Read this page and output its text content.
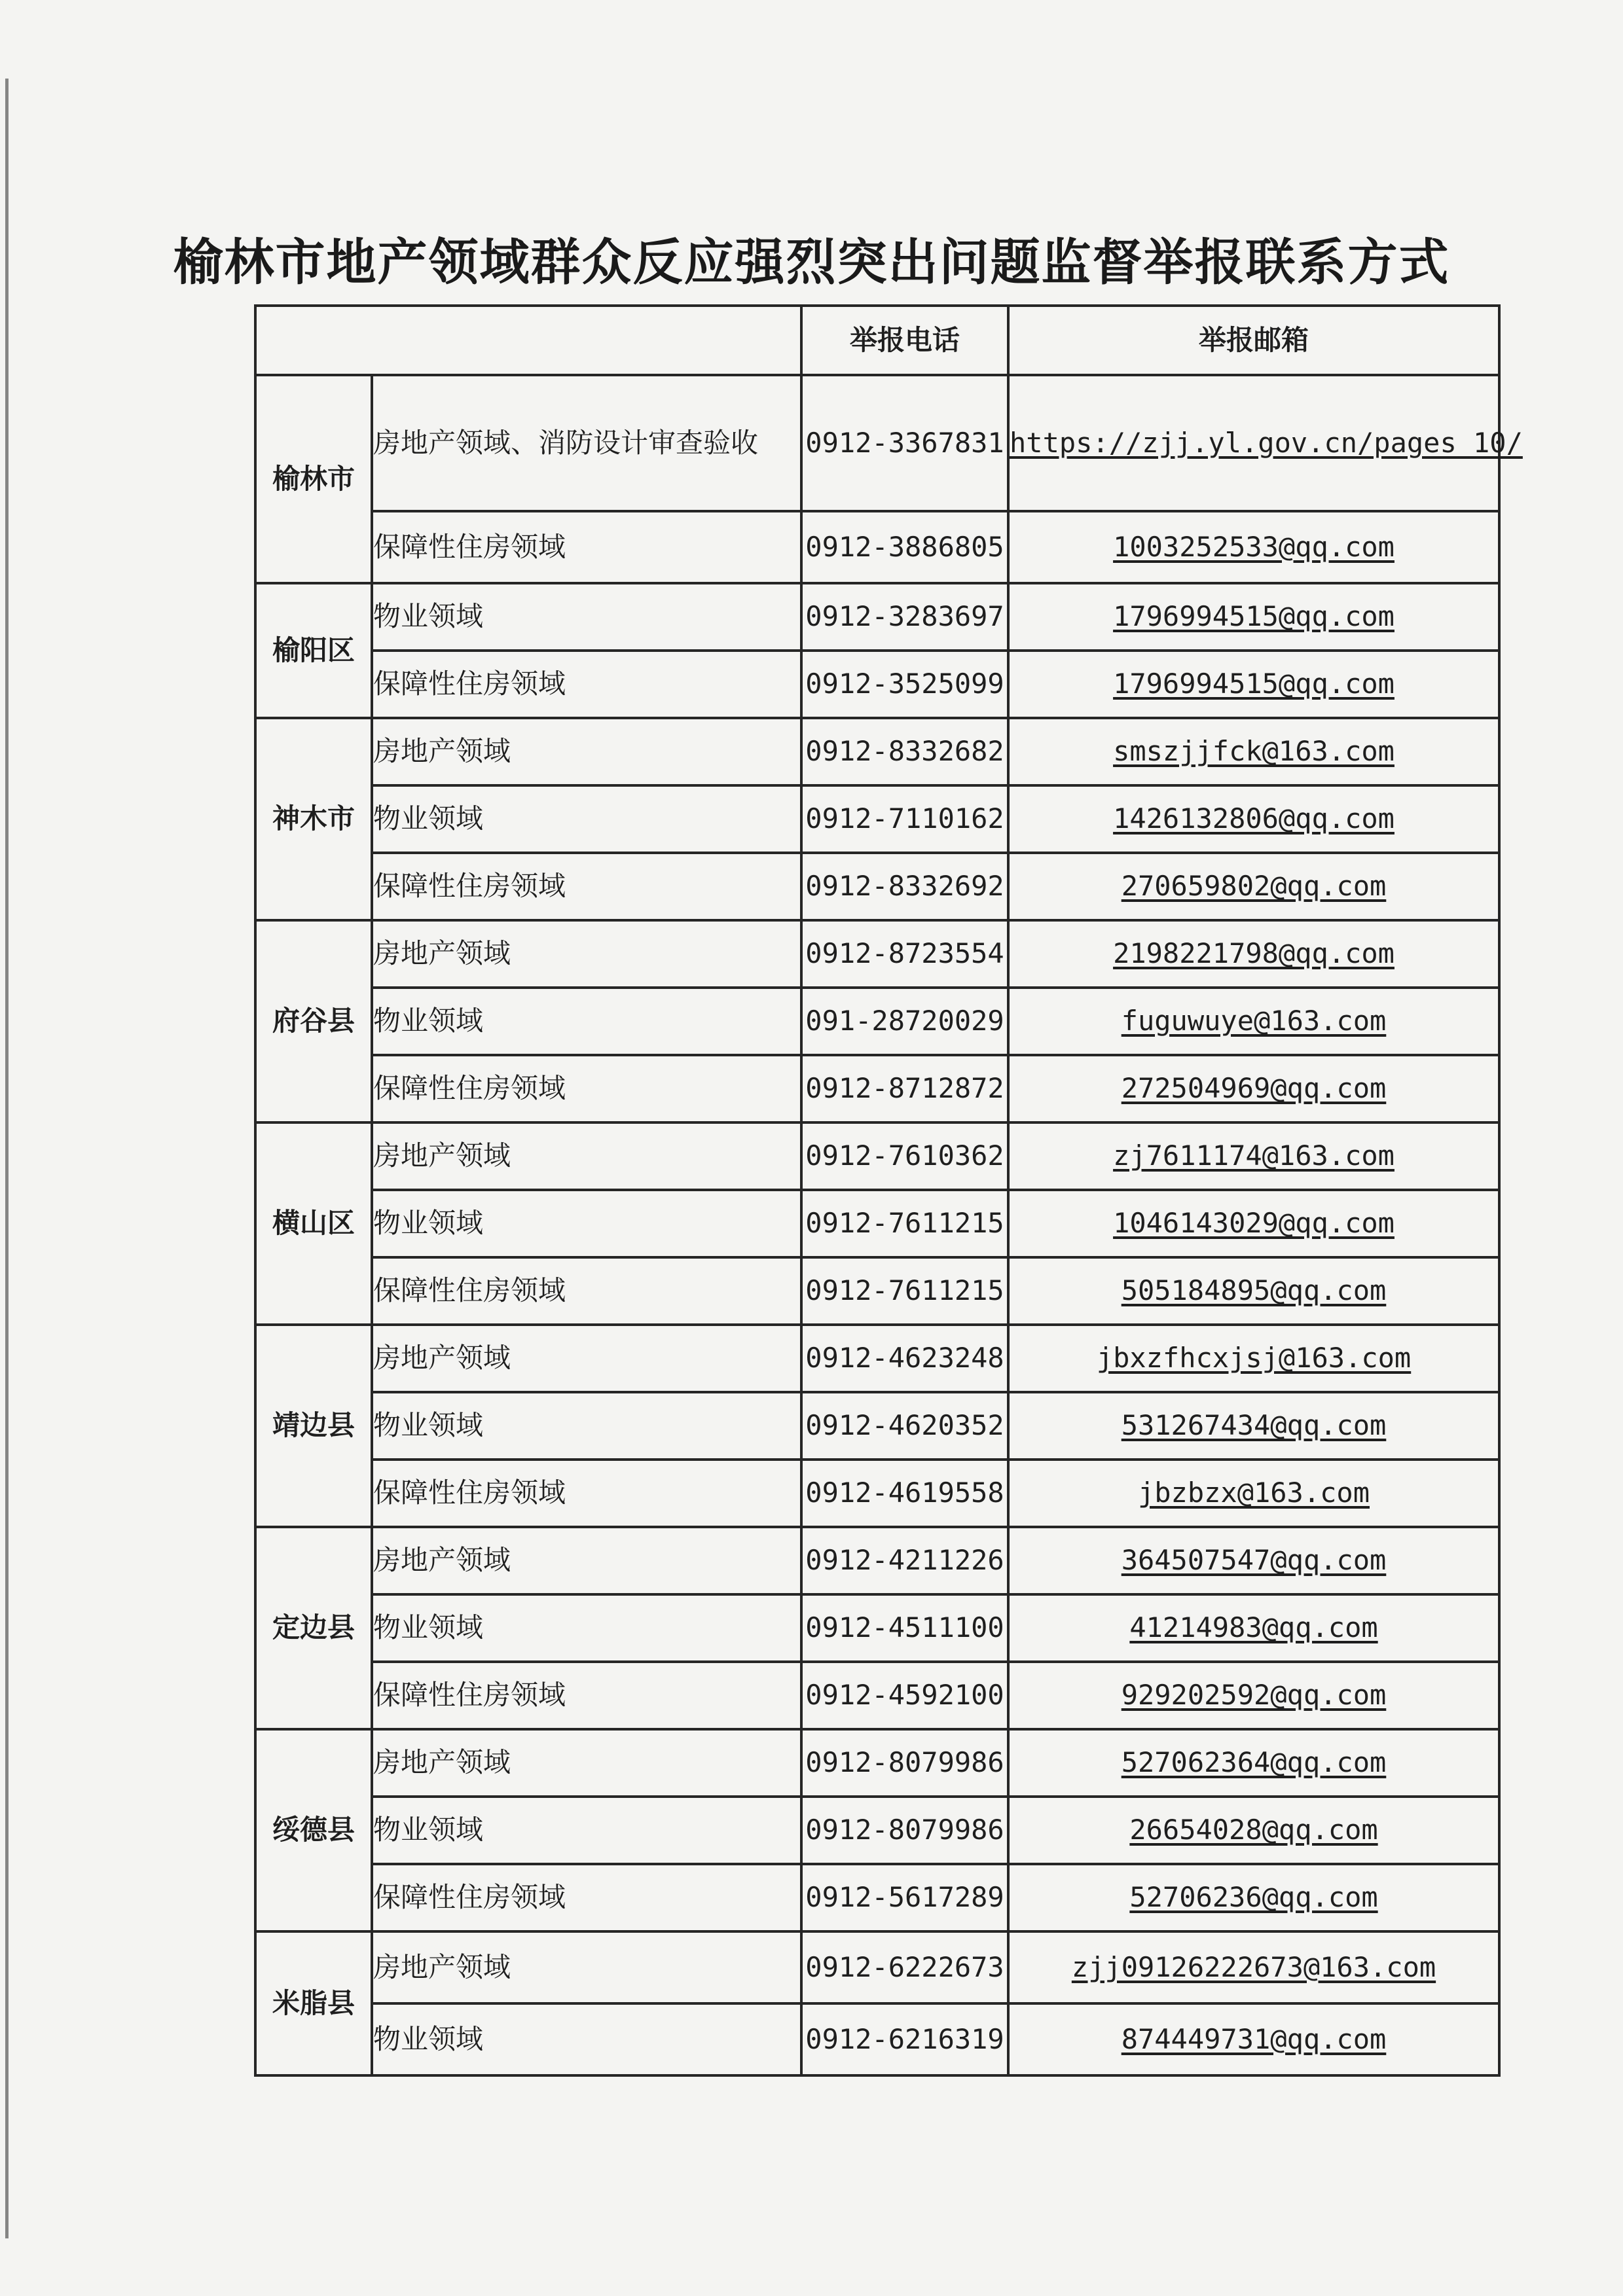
榆林市地产领域群众反应强烈突出问题监督举报联系方式
		举报电话	举报邮箱
榆林市	房地产领域、消防设计审查验收	0912-3367831	https://zjj.yl.gov.cn/pages_10/
	保障性住房领域	0912-3886805	1003252533@qq.com
榆阳区	物业领域	0912-3283697	1796994515@qq.com
	保障性住房领域	0912-3525099	1796994515@qq.com
神木市	房地产领域	0912-8332682	smszjjfck@163.com
	物业领域	0912-7110162	1426132806@qq.com
	保障性住房领域	0912-8332692	270659802@qq.com
府谷县	房地产领域	0912-8723554	2198221798@qq.com
	物业领域	091-28720029	fuguwuye@163.com
	保障性住房领域	0912-8712872	272504969@qq.com
横山区	房地产领域	0912-7610362	zj7611174@163.com
	物业领域	0912-7611215	1046143029@qq.com
	保障性住房领域	0912-7611215	505184895@qq.com
靖边县	房地产领域	0912-4623248	jbxzfhcxjsj@163.com
	物业领域	0912-4620352	531267434@qq.com
	保障性住房领域	0912-4619558	jbzbzx@163.com
定边县	房地产领域	0912-4211226	364507547@qq.com
	物业领域	0912-4511100	41214983@qq.com
	保障性住房领域	0912-4592100	929202592@qq.com
绥德县	房地产领域	0912-8079986	527062364@qq.com
	物业领域	0912-8079986	26654028@qq.com
	保障性住房领域	0912-5617289	52706236@qq.com
米脂县	房地产领域	0912-6222673	zjj09126222673@163.com
	物业领域	0912-6216319	874449731@qq.com
